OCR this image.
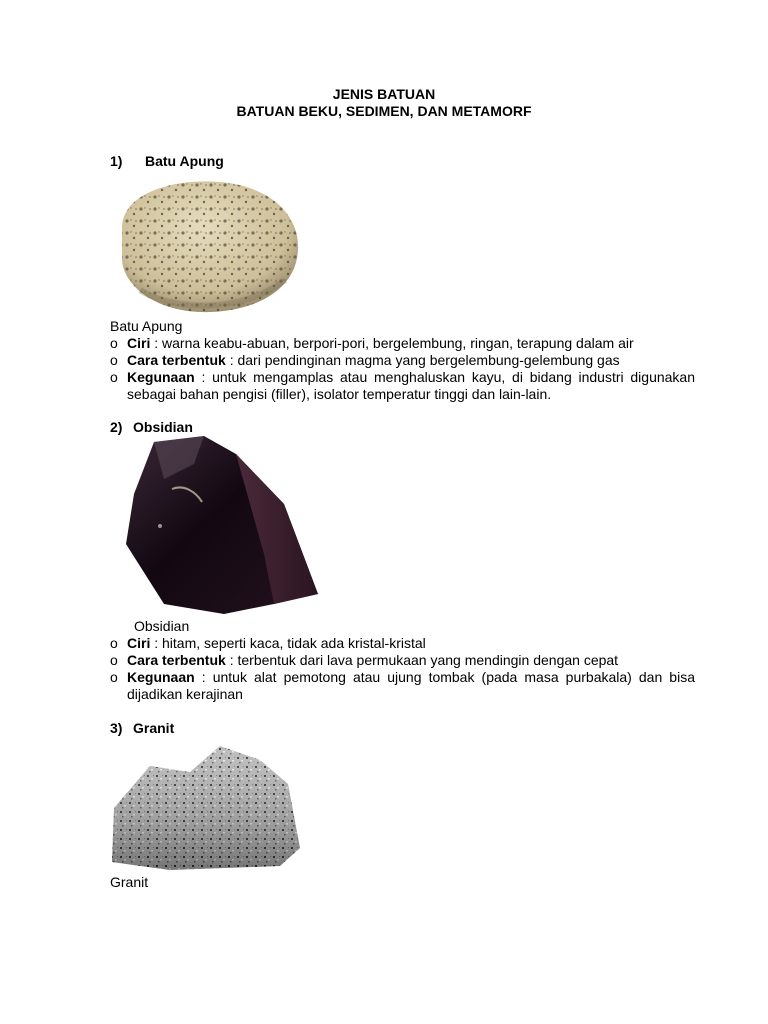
JENIS BATUAN
BATUAN BEKU, SEDIMEN, DAN METAMORF
1) Batu Apung
Batu Apung
o Ciri : warna keabu-abuan, berpori-pori, bergelembung, ringan, terapung dalam air
o Cara terbentuk : dari pendinginan magma yang bergelembung-gelembung gas
o Kegunaan : untuk mengamplas atau menghaluskan kayu, di bidang industri digunakan sebagai bahan pengisi (filler), isolator temperatur tinggi dan lain-lain.
2) Obsidian
Obsidian
o Ciri : hitam, seperti kaca, tidak ada kristal-kristal
o Cara terbentuk : terbentuk dari lava permukaan yang mendingin dengan cepat
o Kegunaan : untuk alat pemotong atau ujung tombak (pada masa purbakala) dan bisa dijadikan kerajinan
3) Granit
Granit
